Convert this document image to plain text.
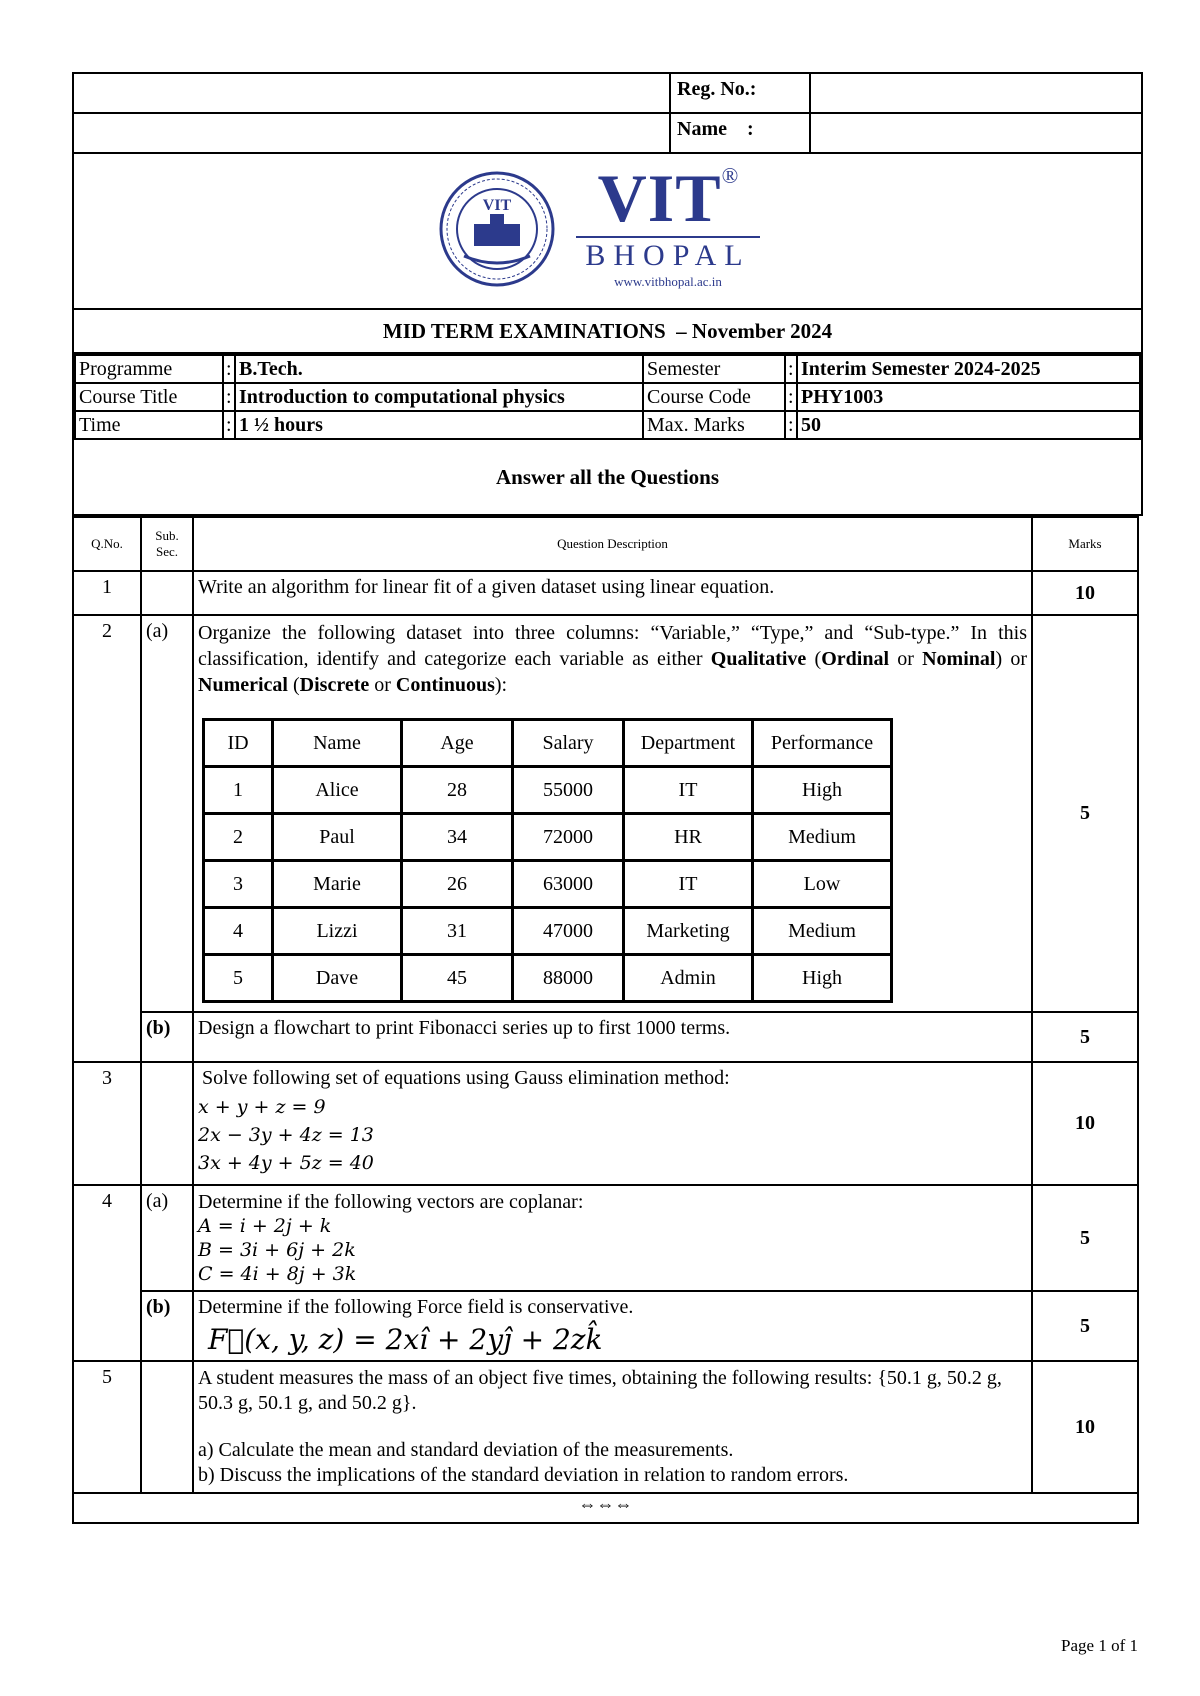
Reg. No.:
Name    :
VIT	VIT®
BHOPAL
www.vitbhopal.ac.in
MID TERM EXAMINATIONS  – November 2024
Programme	:	B.Tech.	Semester	:	Interim Semester 2024-2025
Course Title	:	Introduction to computational physics	Course Code	:	PHY1003
Time	:	1 ½ hours	Max. Marks	:	50
Answer all the Questions
Q.No.	Sub. Sec.	Question Description	Marks
1		Write an algorithm for linear fit of a given dataset using linear equation.	10
2	(a)	Organize the following dataset into three columns: “Variable,” “Type,” and “Sub-type.” In this classification, identify and categorize each variable as either Qualitative (Ordinal or Nominal) or Numerical (Discrete or Continuous):
ID	Name	Age	Salary	Department	Performance
1	Alice	28	55000	IT	High
2	Paul	34	72000	HR	Medium
3	Marie	26	63000	IT	Low
4	Lizzi	31	47000	Marketing	Medium
5	Dave	45	88000	Admin	High
	5
(b)	Design a flowchart to print Fibonacci series up to first 1000 terms.	5
3		Solve following set of equations using Gauss elimination method:
x + y + z = 9
2x − 3y + 4z = 13
3x + 4y + 5z = 40
	10
4	(a)	Determine if the following vectors are coplanar:
A = i + 2j + k
B = 3i + 6j + 2k
C = 4i + 8j + 3k
	5
(b)	Determine if the following Force field is conservative.
F⃗(x, y, z) = 2xî + 2yĵ + 2zk̂	5
5		A student measures the mass of an object five times, obtaining the following results: {50.1 g, 50.2 g, 50.3 g, 50.1 g, and 50.2 g}.
a) Calculate the mean and standard deviation of the measurements.
b) Discuss the implications of the standard deviation in relation to random errors.
	10
⇔⇔⇔
Page 1 of 1
